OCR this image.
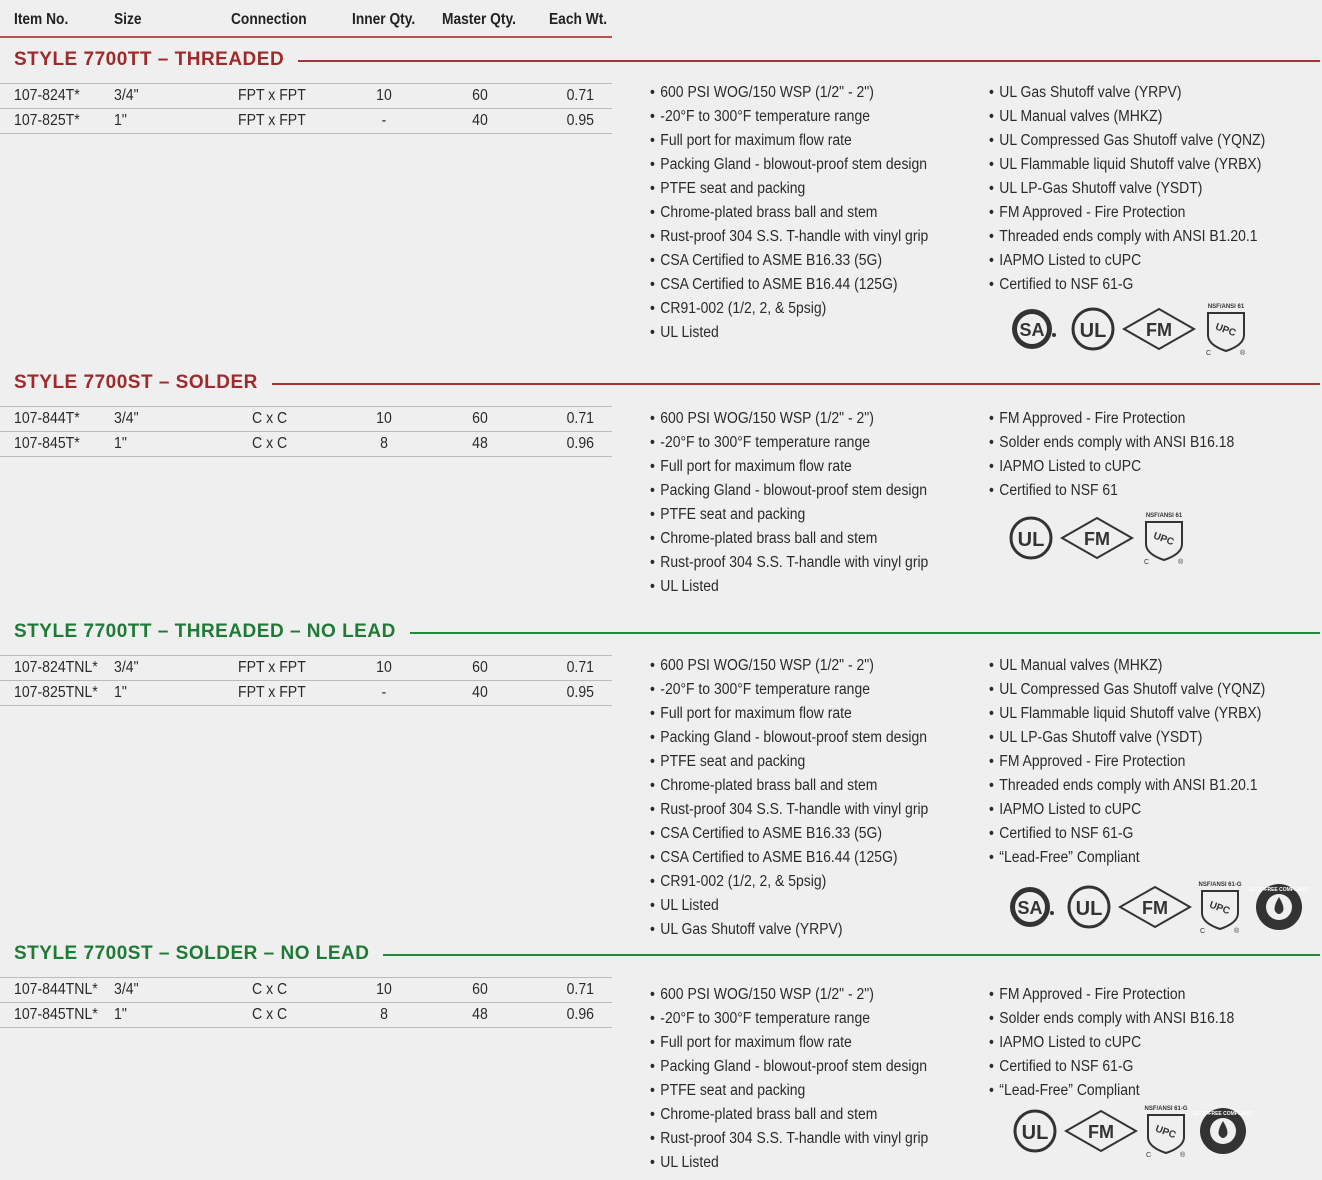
Item No.	Size	Connection	Inner Qty. Master Qty. Each Wt.
STYLE 7700TT – THREADED
107-824T* 3/4"	FPT x FPT	10	60	0.71
107-825T* 1"	FPT x FPT	-	40	0.95
• 600 PSI WOG/150 WSP (1/2" - 2")
• -20°F to 300°F temperature range
• Full port for maximum flow rate
• Packing Gland - blowout-proof stem design
• PTFE seat and packing
• Chrome-plated brass ball and stem
• Rust-proof 304 S.S. T-handle with vinyl grip
• CSA Certified to ASME B16.33 (5G)
• CSA Certified to ASME B16.44 (125G)
• CR91-002 (1/2, 2, & 5psig)
• UL Listed
• UL Gas Shutoff valve (YRPV)
• UL Manual valves (MHKZ)
• UL Compressed Gas Shutoff valve (YQNZ)
• UL Flammable liquid Shutoff valve (YRBX)
• UL LP-Gas Shutoff valve (YSDT)
• FM Approved - Fire Protection
• Threaded ends comply with ANSI B1.20.1
• IAPMO Listed to cUPC
• Certified to NSF 61-G
SA UL FM
NSF/ANSI 61
UPC
C	®
STYLE 7700ST – SOLDER
107-844T* 3/4"	C x C	10	60	0.71
107-845T* 1"	C x C	8	48	0.96
• 600 PSI WOG/150 WSP (1/2" - 2")
• -20°F to 300°F temperature range
• Full port for maximum flow rate
• Packing Gland - blowout-proof stem design
• PTFE seat and packing
• Chrome-plated brass ball and stem
• Rust-proof 304 S.S. T-handle with vinyl grip
• UL Listed
• FM Approved - Fire Protection
• Solder ends comply with ANSI B16.18
• IAPMO Listed to cUPC
• Certified to NSF 61
UL FM
NSF/ANSI 61
UPC
C	®
STYLE 7700TT – THREADED – NO LEAD
107-824TNL* 3/4"	FPT x FPT	10	60	0.71
107-825TNL* 1"	FPT x FPT	-	40	0.95
• 600 PSI WOG/150 WSP (1/2" - 2")
• -20°F to 300°F temperature range
• Full port for maximum flow rate
• Packing Gland - blowout-proof stem design
• PTFE seat and packing
• Chrome-plated brass ball and stem
• Rust-proof 304 S.S. T-handle with vinyl grip
• CSA Certified to ASME B16.33 (5G)
• CSA Certified to ASME B16.44 (125G)
• CR91-002 (1/2, 2, & 5psig)
• UL Listed
• UL Gas Shutoff valve (YRPV)
• UL Manual valves (MHKZ)
• UL Compressed Gas Shutoff valve (YQNZ)
• UL Flammable liquid Shutoff valve (YRBX)
• UL LP-Gas Shutoff valve (YSDT)
• FM Approved - Fire Protection
• Threaded ends comply with ANSI B1.20.1
• IAPMO Listed to cUPC
• Certified to NSF 61-G
• “Lead-Free” Compliant
SA UL FM
NSF/ANSI 61-G
UPC
C	®
LEAD-FREE COMPLIANT
STYLE 7700ST – SOLDER – NO LEAD
107-844TNL* 3/4"	C x C	10	60	0.71
107-845TNL* 1"	C x C	8	48	0.96
• 600 PSI WOG/150 WSP (1/2" - 2")
• -20°F to 300°F temperature range
• Full port for maximum flow rate
• Packing Gland - blowout-proof stem design
• PTFE seat and packing
• Chrome-plated brass ball and stem
• Rust-proof 304 S.S. T-handle with vinyl grip
• UL Listed
• FM Approved - Fire Protection
• Solder ends comply with ANSI B16.18
• IAPMO Listed to cUPC
• Certified to NSF 61-G
• “Lead-Free” Compliant
UL FM
NSF/ANSI 61-G
UPC
C	®
LEAD-FREE COMPLIANT
